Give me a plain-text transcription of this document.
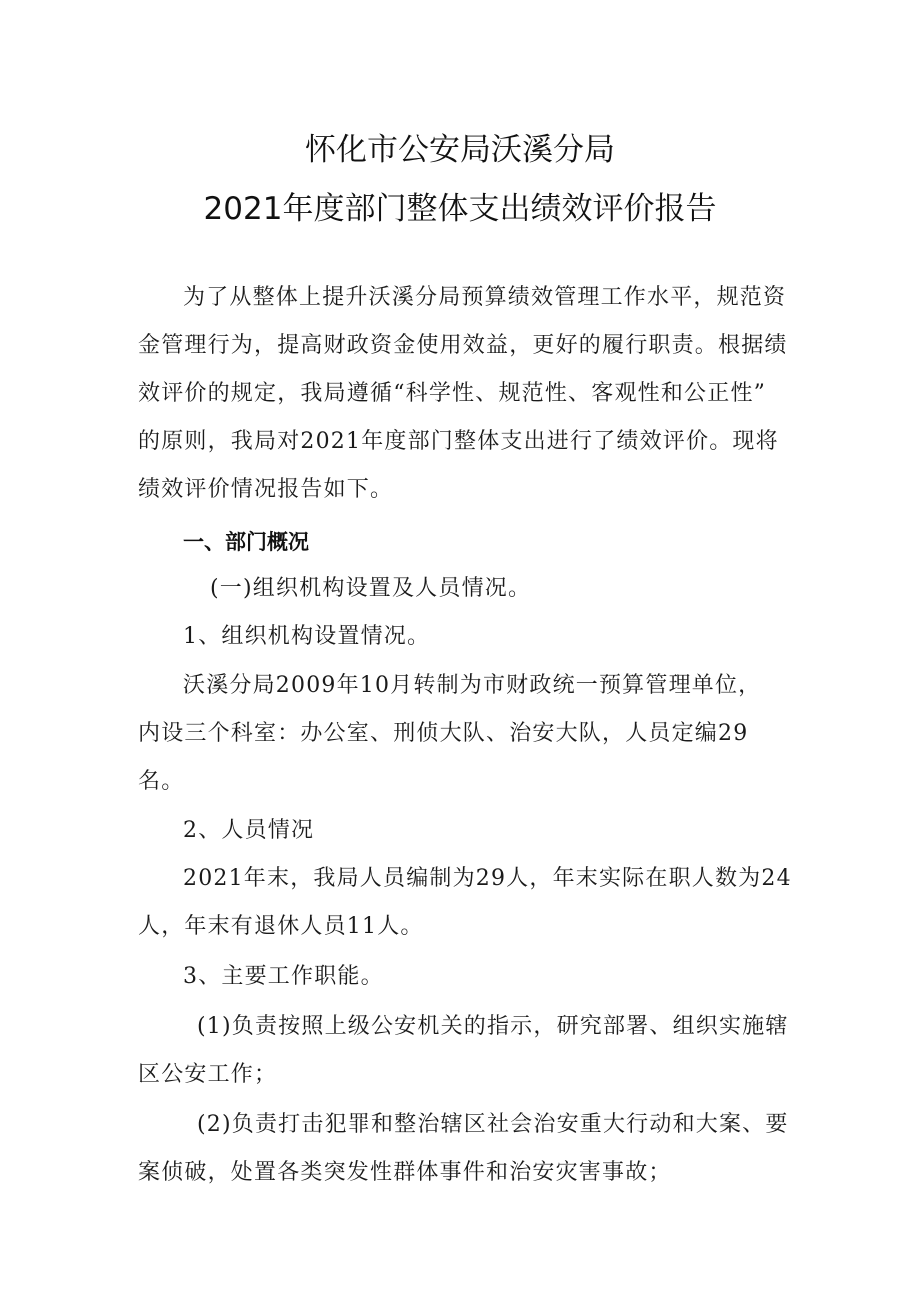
怀化市公安局沃溪分局
2021年度部门整体支出绩效评价报告
为了从整体上提升沃溪分局预算绩效管理工作水平，规范资
金管理行为，提高财政资金使用效益，更好的履行职责。根据绩
效评价的规定，我局遵循“科学性、规范性、客观性和公正性”
的原则，我局对2021年度部门整体支出进行了绩效评价。现将
绩效评价情况报告如下。
一、部门概况
(一)组织机构设置及人员情况。
1、组织机构设置情况。
沃溪分局2009年10月转制为市财政统一预算管理单位，
内设三个科室：办公室、刑侦大队、治安大队，人员定编29
名。
2、人员情况
2021年末，我局人员编制为29人，年末实际在职人数为24
人，年末有退休人员11人。
3、主要工作职能。
(1)负责按照上级公安机关的指示，研究部署、组织实施辖
区公安工作；
(2)负责打击犯罪和整治辖区社会治安重大行动和大案、要
案侦破，处置各类突发性群体事件和治安灾害事故；
